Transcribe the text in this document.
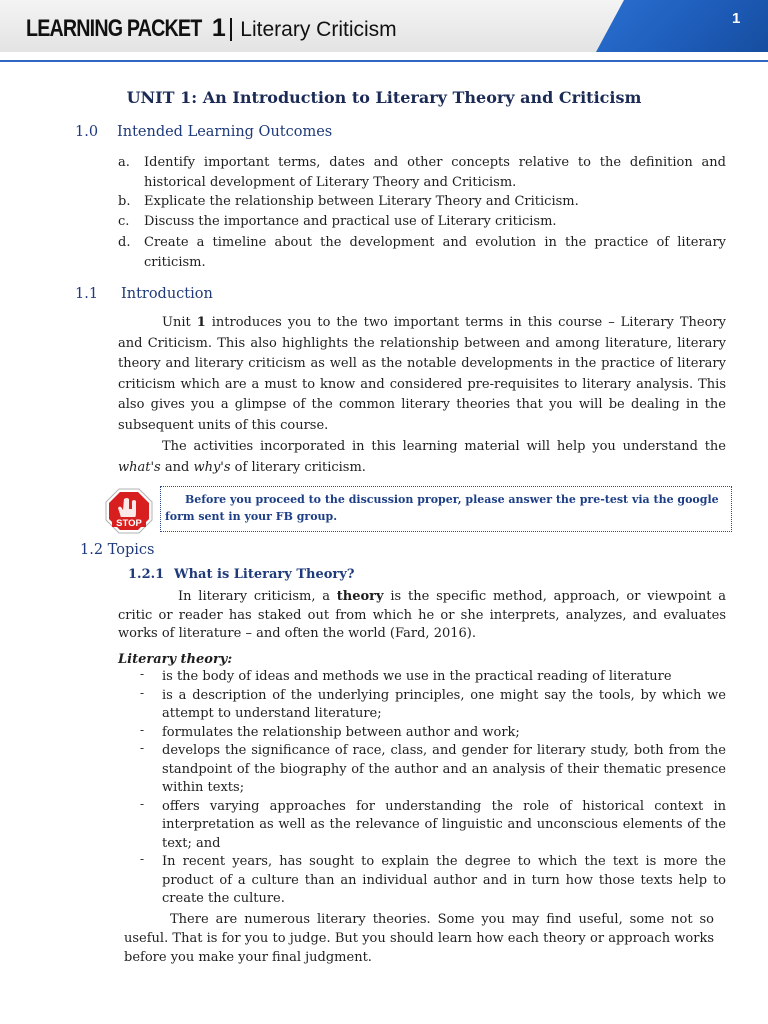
LEARNING PACKET 1| Literary Criticism	1
UNIT 1: An Introduction to Literary Theory and Criticism
1.0 Intended Learning Outcomes
a.	Identify important terms, dates and other concepts relative to the definition and historical development of Literary Theory and Criticism.
b.	Explicate the relationship between Literary Theory and Criticism.
c.	Discuss the importance and practical use of Literary criticism.
d.	Create a timeline about the development and evolution in the practice of literary criticism.
1.1 Introduction
Unit 1 introduces you to the two important terms in this course – Literary Theory and Criticism. This also highlights the relationship between and among literature, literary theory and literary criticism as well as the notable developments in the practice of literary criticism which are a must to know and considered pre-requisites to literary analysis. This also gives you a glimpse of the common literary theories that you will be dealing in the subsequent units of this course.
The activities incorporated in this learning material will help you understand the what's and why's of literary criticism.
STOP
Before you proceed to the discussion proper, please answer the pre-test via the google form sent in your FB group.
1.2 Topics
1.2.1 What is Literary Theory?
In literary criticism, a theory is the specific method, approach, or viewpoint a critic or reader has staked out from which he or she interprets, analyzes, and evaluates works of literature – and often the world (Fard, 2016).
Literary theory:
- is the body of ideas and methods we use in the practical reading of literature
- is a description of the underlying principles, one might say the tools, by which we attempt to understand literature;
- formulates the relationship between author and work;
- develops the significance of race, class, and gender for literary study, both from the standpoint of the biography of the author and an analysis of their thematic presence within texts;
- offers varying approaches for understanding the role of historical context in interpretation as well as the relevance of linguistic and unconscious elements of the text; and
- In recent years, has sought to explain the degree to which the text is more the product of a culture than an individual author and in turn how those texts help to create the culture.
There are numerous literary theories. Some you may find useful, some not so useful. That is for you to judge. But you should learn how each theory or approach works before you make your final judgment.
